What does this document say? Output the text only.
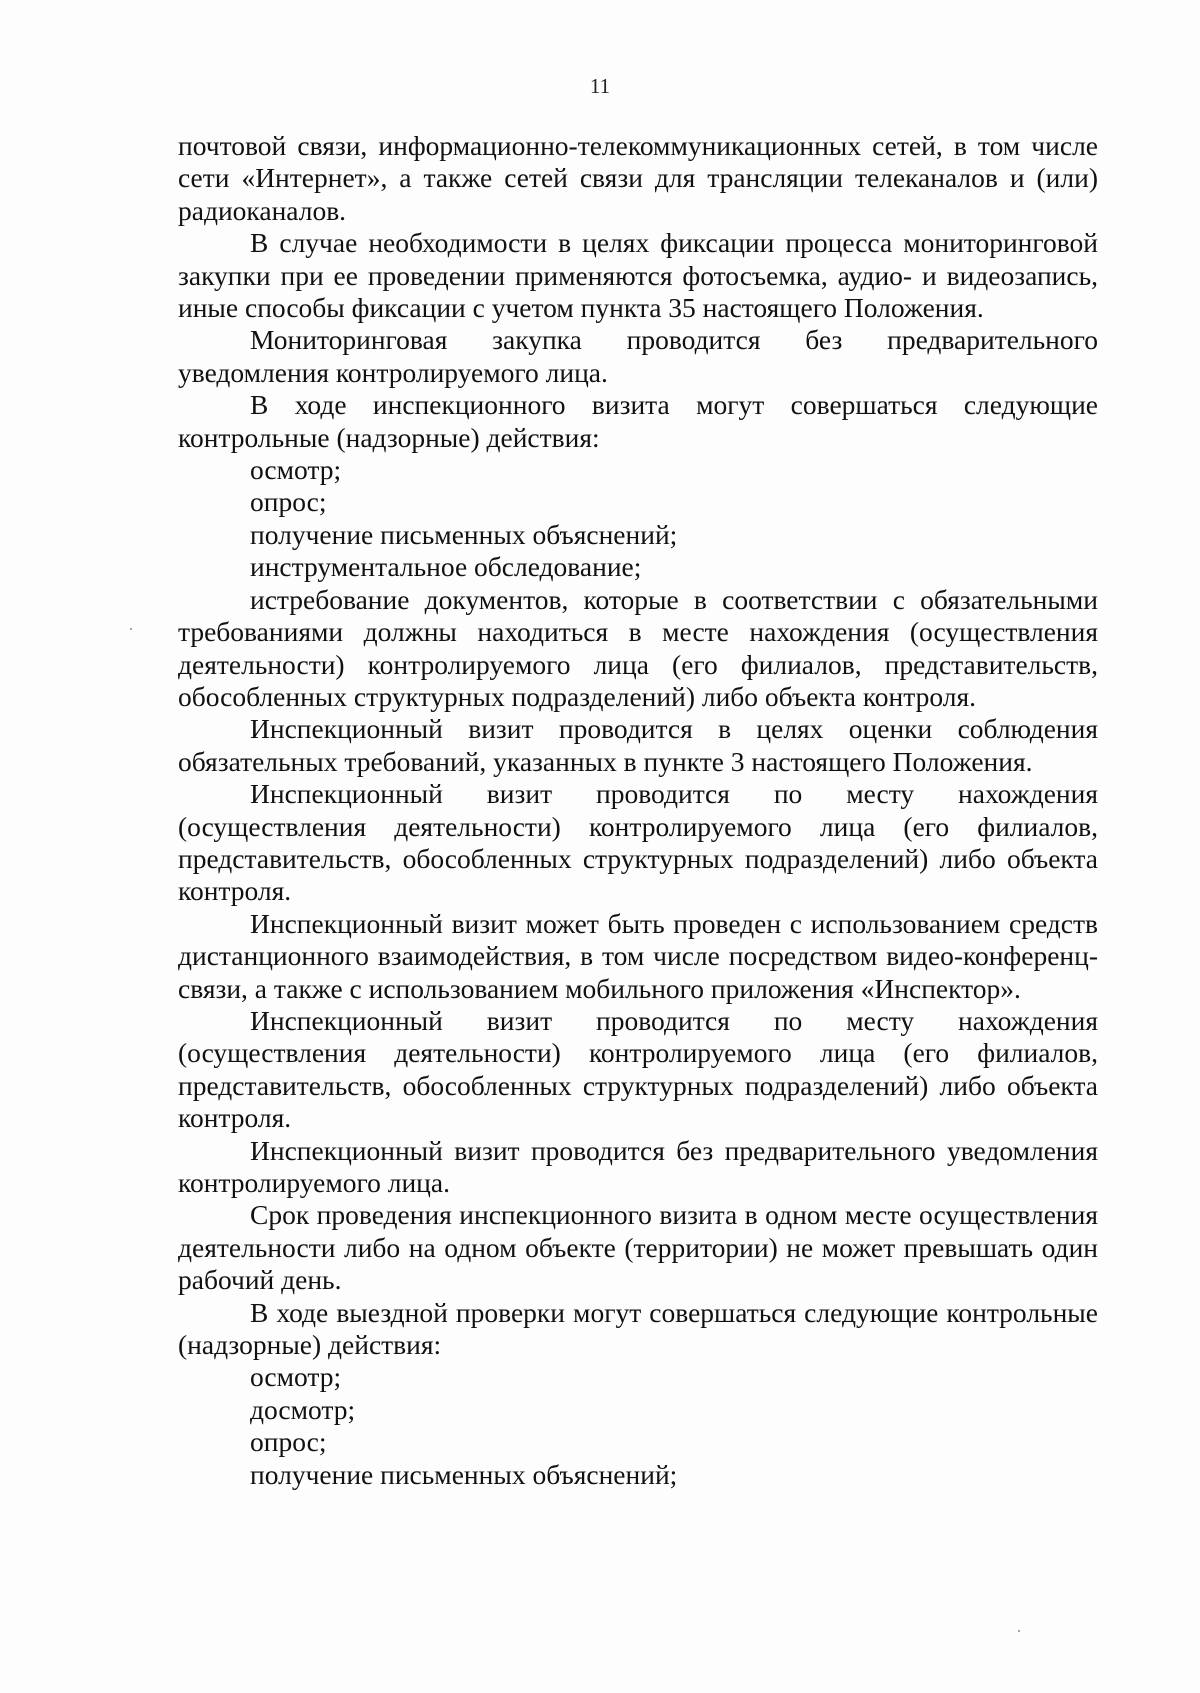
11

почтовой связи, информационно-телекоммуникационных сетей, в том числе сети «Интернет», а также сетей связи для трансляции телеканалов и (или) радиоканалов.

В случае необходимости в целях фиксации процесса мониторинговой закупки при ее проведении применяются фотосъемка, аудио- и видеозапись, иные способы фиксации с учетом пункта 35 настоящего Положения.

Мониторинговая закупка проводится без предварительного уведомления контролируемого лица.

В ходе инспекционного визита могут совершаться следующие контрольные (надзорные) действия:

осмотр;

опрос;

получение письменных объяснений;

инструментальное обследование;

истребование документов, которые в соответствии с обязательными требованиями должны находиться в месте нахождения (осуществления деятельности) контролируемого лица (его филиалов, представительств, обособленных структурных подразделений) либо объекта контроля.

Инспекционный визит проводится в целях оценки соблюдения обязательных требований, указанных в пункте 3 настоящего Положения.

Инспекционный визит проводится по месту нахождения (осуществления деятельности) контролируемого лица (его филиалов, представительств, обособленных структурных подразделений) либо объекта контроля.

Инспекционный визит может быть проведен с использованием средств дистанционного взаимодействия, в том числе посредством видео-конференц-связи, а также с использованием мобильного приложения «Инспектор».

Инспекционный визит проводится по месту нахождения (осуществления деятельности) контролируемого лица (его филиалов, представительств, обособленных структурных подразделений) либо объекта контроля.

Инспекционный визит проводится без предварительного уведомления контролируемого лица.

Срок проведения инспекционного визита в одном месте осуществления деятельности либо на одном объекте (территории) не может превышать один рабочий день.

В ходе выездной проверки могут совершаться следующие контрольные (надзорные) действия:

осмотр;

досмотр;

опрос;

получение письменных объяснений;
